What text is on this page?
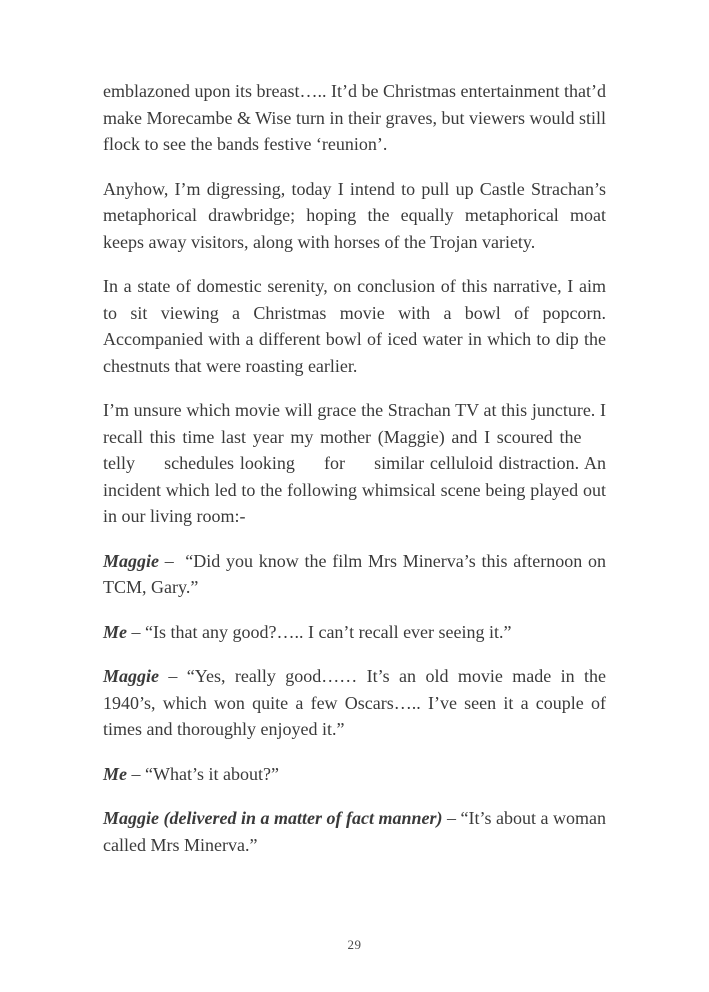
emblazoned upon its breast….. It’d be Christmas entertainment that’d make Morecambe & Wise turn in their graves, but viewers would still flock to see the bands festive ‘reunion’.

Anyhow, I’m digressing, today I intend to pull up Castle Strachan’s metaphorical drawbridge; hoping the equally metaphorical moat keeps away visitors, along with horses of the Trojan variety.

In a state of domestic serenity, on conclusion of this narrative, I aim to sit viewing a Christmas movie with a bowl of popcorn. Accompanied with a different bowl of iced water in which to dip the chestnuts that were roasting earlier.

I’m unsure which movie will grace the Strachan TV at this juncture. I recall this time last year my mother (Maggie) and I scoured the     telly     schedules looking     for     similar celluloid distraction. An incident which led to the following whimsical scene being played out in our living room:-

Maggie –  “Did you know the film Mrs Minerva’s this afternoon on TCM, Gary.”

Me – “Is that any good?….. I can’t recall ever seeing it.”

Maggie – “Yes, really good…… It’s an old movie made in the 1940’s, which won quite a few Oscars….. I’ve seen it a couple of times and thoroughly enjoyed it.”

Me – “What’s it about?”

Maggie (delivered in a matter of fact manner) – “It’s about a woman called Mrs Minerva.”

29
